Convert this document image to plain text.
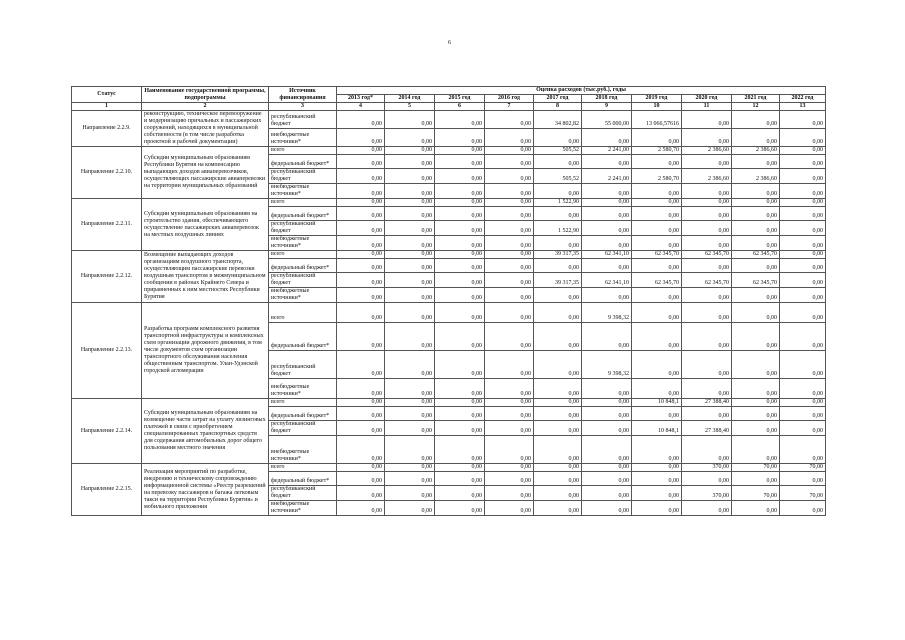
6
Статус	Наименование государственной программы, подпрограммы	Источник финансирования	Оценка расходов (тыс.руб.), годы									
			2013 год*	2014 год	2015 год	2016 год	2017 год	2018 год	2019 год	2020 год	2021 год	2022 год
1	2	3	4	5	6	7	8	9	10	11	12	13
Направление 2.2.9.	реконструкцию, техническое перевооружение и модернизацию причальных и пассажирских сооружений, находящихся в муниципальной собственности (в том числе разработка проектной и рабочей документации)	республиканский бюджет	0,00	0,00	0,00	0,00	34 802,82	55 000,00	13 066,57616	0,00	0,00	0,00
		внебюджетные источники*	0,00	0,00	0,00	0,00	0,00	0,00	0,00	0,00	0,00	0,00
Направление 2.2.10.	Субсидии муниципальным образованиям Республики Бурятия на компенсацию выпадающих доходов авиаперевозчиков, осуществляющих пассажирские авиаперевозки на территории муниципальных образований	всего	0,00	0,00	0,00	0,00	505,52	2 241,00	2 580,70	2 386,60	2 386,60	0,00
		федеральный бюджет*	0,00	0,00	0,00	0,00	0,00	0,00	0,00	0,00	0,00	0,00
		республиканский бюджет	0,00	0,00	0,00	0,00	505,52	2 241,00	2 580,70	2 386,60	2 386,60	0,00
		внебюджетные источники*	0,00	0,00	0,00	0,00	0,00	0,00	0,00	0,00	0,00	0,00
Направление 2.2.11.	Субсидии муниципальным образованиям на строительство здания, обеспечивающего осуществление пассажирских авиаперевозок на местных воздушных линиях	всего	0,00	0,00	0,00	0,00	1 522,90	0,00	0,00	0,00	0,00	0,00
		федеральный бюджет*	0,00	0,00	0,00	0,00	0,00	0,00	0,00	0,00	0,00	0,00
		республиканский бюджет	0,00	0,00	0,00	0,00	1 522,90	0,00	0,00	0,00	0,00	0,00
		внебюджетные источники*	0,00	0,00	0,00	0,00	0,00	0,00	0,00	0,00	0,00	0,00
Направление 2.2.12.	Возмещение выпадающих доходов организациям воздушного транспорта, осуществляющим пассажирские перевозки воздушным транспортом в межмуниципальном сообщении в районах Крайнего Севера и приравненных к ним местностях Республики Бурятия	всего	0,00	0,00	0,00	0,00	39 317,35	62 341,10	62 345,70	62 345,70	62 345,70	0,00
		федеральный бюджет*	0,00	0,00	0,00	0,00	0,00	0,00	0,00	0,00	0,00	0,00
		республиканский бюджет	0,00	0,00	0,00	0,00	39 317,35	62 341,10	62 345,70	62 345,70	62 345,70	0,00
		внебюджетные источники*	0,00	0,00	0,00	0,00	0,00	0,00	0,00	0,00	0,00	0,00
Направление 2.2.13.	Разработка программ комплексного развития транспортной инфраструктуры и комплексных схем организации дорожного движения, в том числе документов схем организации транспортного обслуживания населения общественным транспортом. Улан-Удэнской городской агломерации	всего	0,00	0,00	0,00	0,00	0,00	9 398,32	0,00	0,00	0,00	0,00
		федеральный бюджет*	0,00	0,00	0,00	0,00	0,00	0,00	0,00	0,00	0,00	0,00
		республиканский бюджет	0,00	0,00	0,00	0,00	0,00	9 398,32	0,00	0,00	0,00	0,00
		внебюджетные источники*	0,00	0,00	0,00	0,00	0,00	0,00	0,00	0,00	0,00	0,00
Направление 2.2.14.	Субсидии муниципальным образованиям на возмещение части затрат на уплату лизинговых платежей в связи с приобретением специализированных транспортных средств для содержания автомобильных дорог общего пользования местного значения	всего	0,00	0,00	0,00	0,00	0,00	0,00	10 848,1	27 388,40	0,00	0,00
		федеральный бюджет*	0,00	0,00	0,00	0,00	0,00	0,00	0,00	0,00	0,00	0,00
		республиканский бюджет	0,00	0,00	0,00	0,00	0,00	0,00	10 848,1	27 388,40	0,00	0,00
		внебюджетные источники*	0,00	0,00	0,00	0,00	0,00	0,00	0,00	0,00	0,00	0,00
Направление 2.2.15.	Реализация мероприятий по разработке, внедрению и техническому сопровождению информационной системы «Реестр разрешений на перевозку пассажиров и багажа легковым такси на территории Республики Бурятия» и мобильного приложения	всего	0,00	0,00	0,00	0,00	0,00	0,00	0,00	370,00	70,00	70,00
		федеральный бюджет*	0,00	0,00	0,00	0,00	0,00	0,00	0,00	0,00	0,00	0,00
		республиканский бюджет	0,00	0,00	0,00	0,00	0,00	0,00	0,00	370,00	70,00	70,00
		внебюджетные источники*	0,00	0,00	0,00	0,00	0,00	0,00	0,00	0,00	0,00	0,00
